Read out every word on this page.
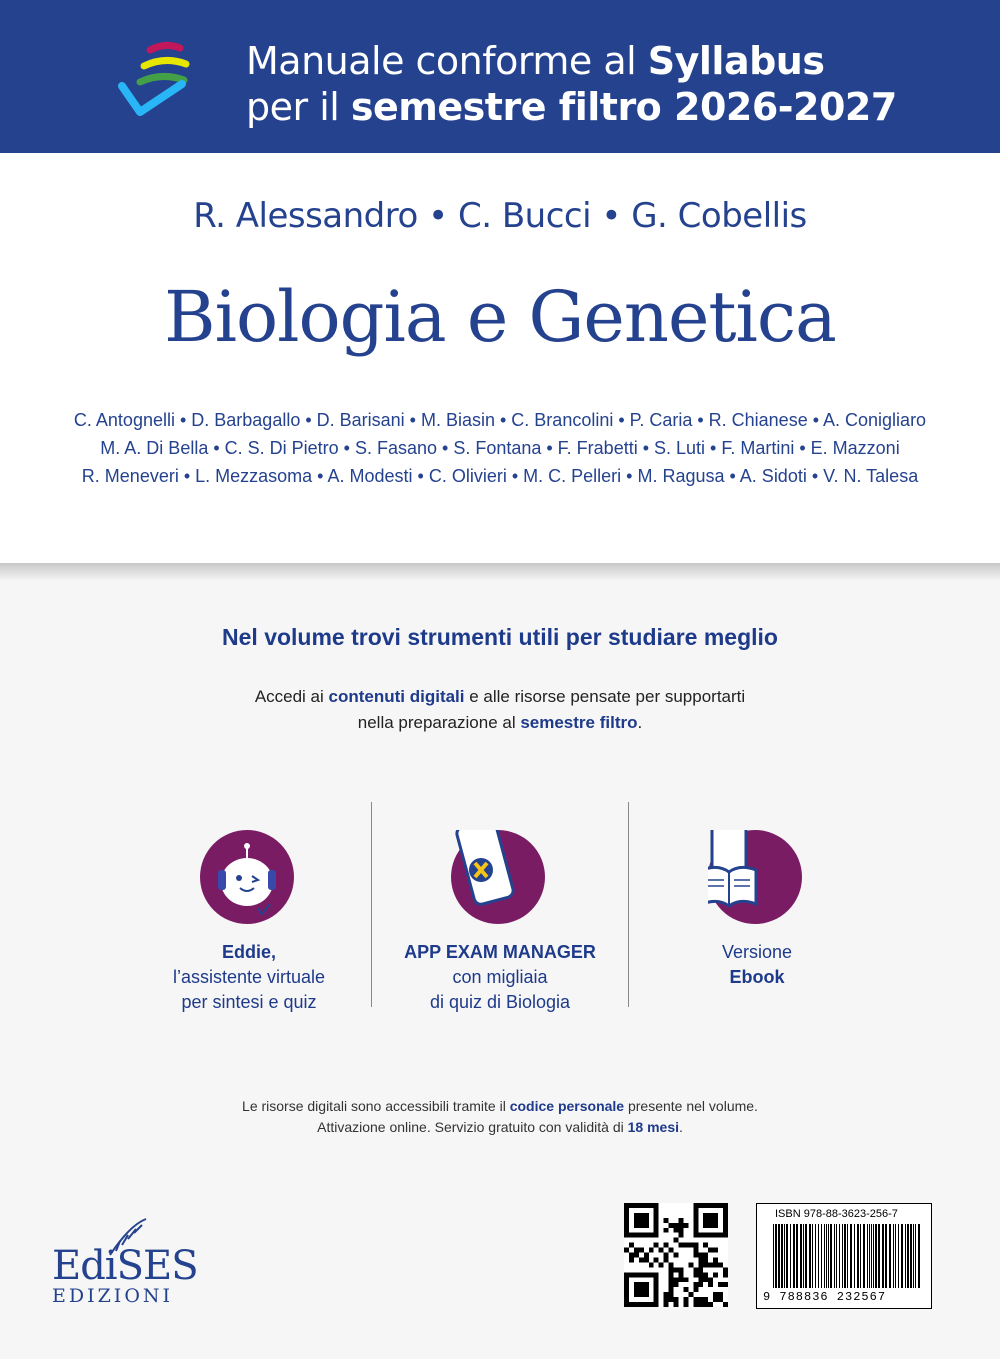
Manuale conforme al Syllabus
per il semestre filtro 2026-2027
R. Alessandro • C. Bucci • G. Cobellis
Biologia e Genetica
C. Antognelli • D. Barbagallo • D. Barisani • M. Biasin • C. Brancolini • P. Caria • R. Chianese • A. Conigliaro
M. A. Di Bella • C. S. Di Pietro • S. Fasano • S. Fontana • F. Frabetti • S. Luti • F. Martini • E. Mazzoni
R. Meneveri • L. Mezzasoma • A. Modesti • C. Olivieri • M. C. Pelleri • M. Ragusa • A. Sidoti • V. N. Talesa
Nel volume trovi strumenti utili per studiare meglio
Accedi ai contenuti digitali e alle risorse pensate per supportarti
nella preparazione al semestre filtro.
Eddie,
l’assistente virtuale
per sintesi e quiz
APP EXAM MANAGER
con migliaia
di quiz di Biologia
Versione
Ebook
Le risorse digitali sono accessibili tramite il codice personale presente nel volume.
Attivazione online. Servizio gratuito con validità di 18 mesi.
EdiSES
EDIZIONI
ISBN 978-88-3623-256-7
9 788836 232567
